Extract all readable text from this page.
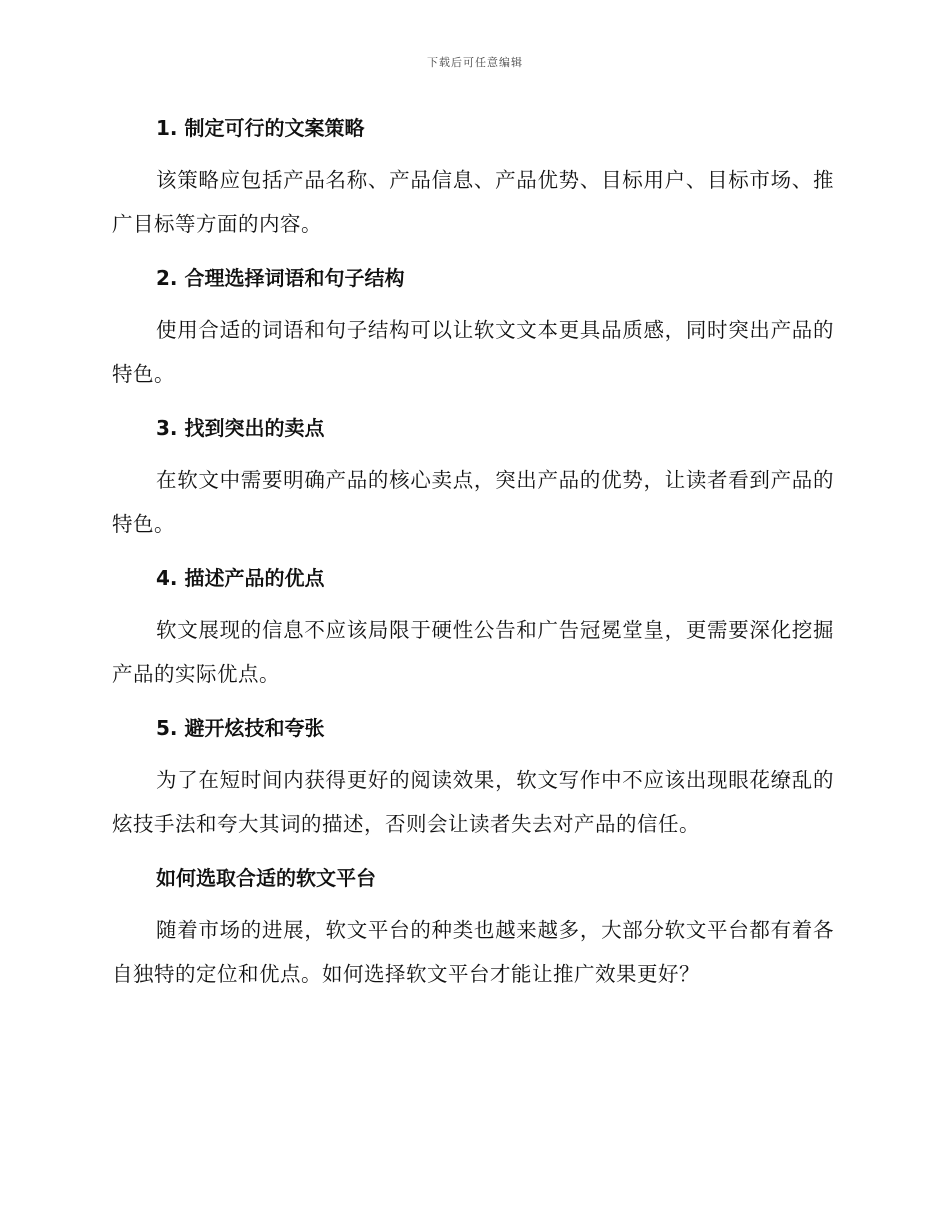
下载后可任意编辑
1. 制定可行的文案策略

该策略应包括产品名称、产品信息、产品优势、目标用户、目标市场、推广目标等方面的内容。

2. 合理选择词语和句子结构

使用合适的词语和句子结构可以让软文文本更具品质感，同时突出产品的特色。

3. 找到突出的卖点

在软文中需要明确产品的核心卖点，突出产品的优势，让读者看到产品的特色。

4. 描述产品的优点

软文展现的信息不应该局限于硬性公告和广告冠冕堂皇，更需要深化挖掘产品的实际优点。

5. 避开炫技和夸张

为了在短时间内获得更好的阅读效果，软文写作中不应该出现眼花缭乱的炫技手法和夸大其词的描述，否则会让读者失去对产品的信任。

如何选取合适的软文平台

随着市场的进展，软文平台的种类也越来越多，大部分软文平台都有着各自独特的定位和优点。如何选择软文平台才能让推广效果更好？
